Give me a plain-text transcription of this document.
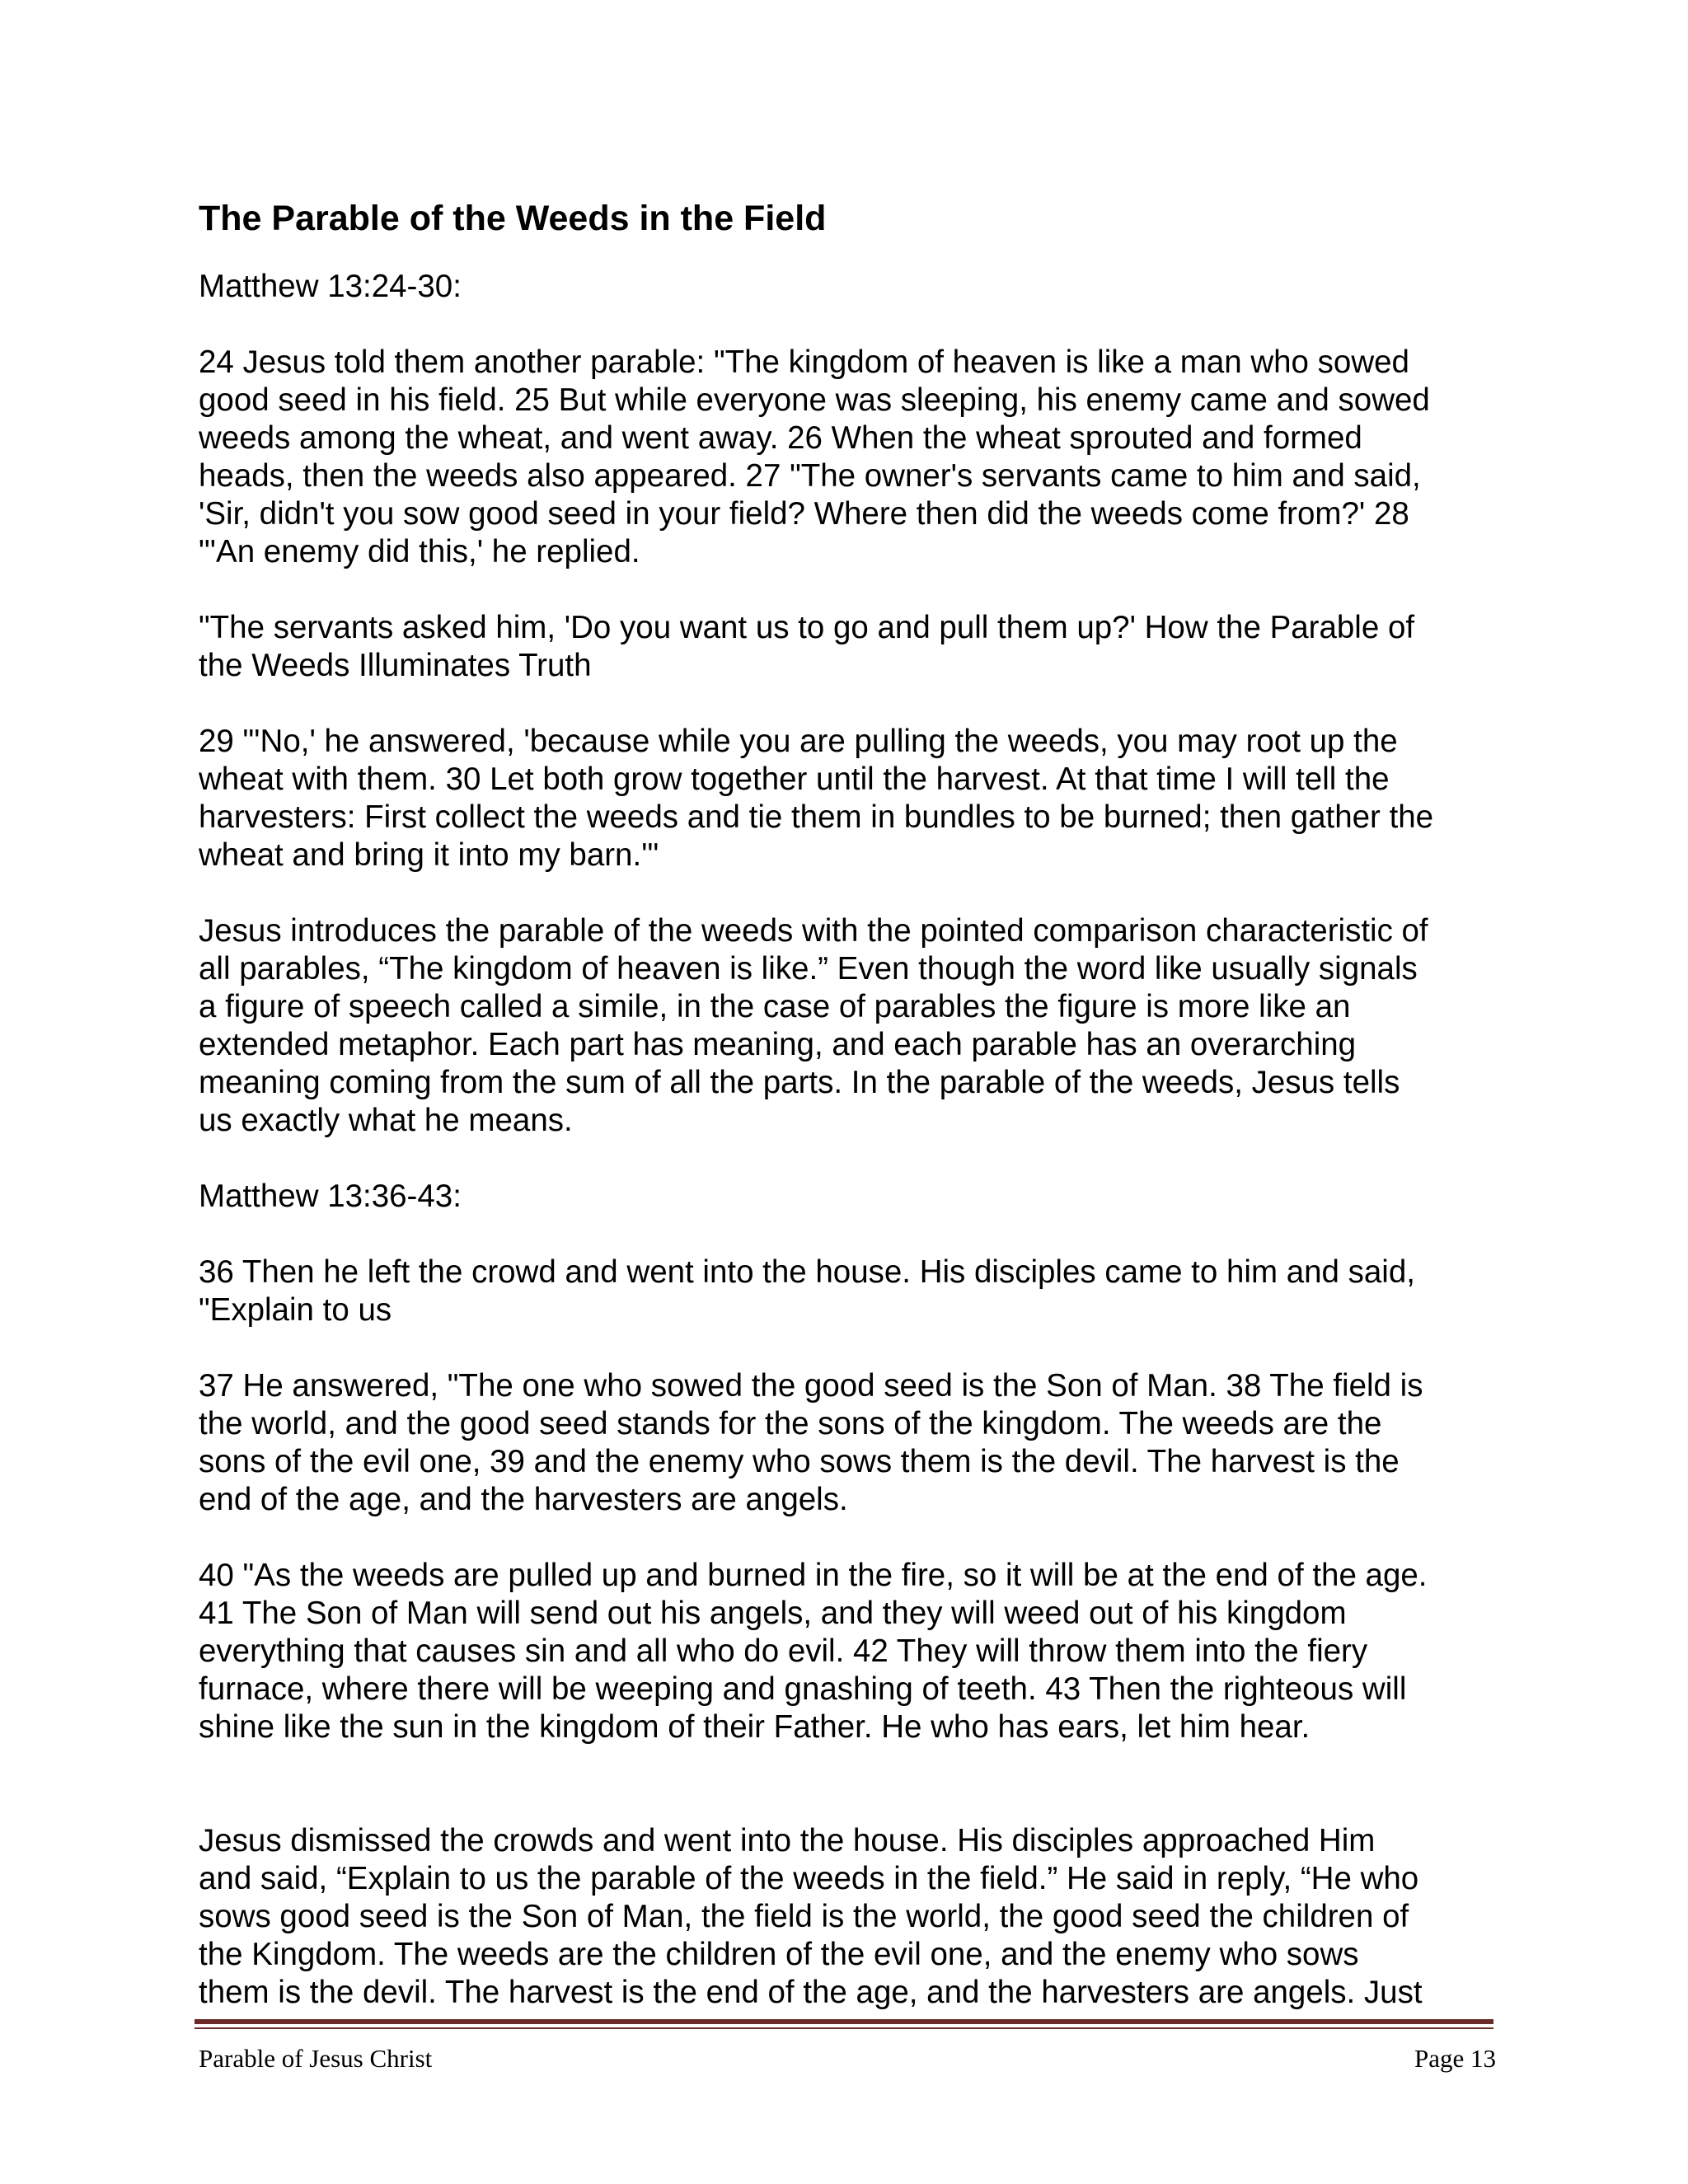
The Parable of the Weeds in the Field

Matthew 13:24-30:

24 Jesus told them another parable: "The kingdom of heaven is like a man who sowed
good seed in his field. 25 But while everyone was sleeping, his enemy came and sowed
weeds among the wheat, and went away. 26 When the wheat sprouted and formed
heads, then the weeds also appeared. 27 "The owner's servants came to him and said,
'Sir, didn't you sow good seed in your field? Where then did the weeds come from?' 28
"'An enemy did this,' he replied.

"The servants asked him, 'Do you want us to go and pull them up?' How the Parable of
the Weeds Illuminates Truth

29 "'No,' he answered, 'because while you are pulling the weeds, you may root up the
wheat with them. 30 Let both grow together until the harvest. At that time I will tell the
harvesters: First collect the weeds and tie them in bundles to be burned; then gather the
wheat and bring it into my barn.'"

Jesus introduces the parable of the weeds with the pointed comparison characteristic of
all parables, “The kingdom of heaven is like.” Even though the word like usually signals
a figure of speech called a simile, in the case of parables the figure is more like an
extended metaphor. Each part has meaning, and each parable has an overarching
meaning coming from the sum of all the parts. In the parable of the weeds, Jesus tells
us exactly what he means.

Matthew 13:36-43:

36 Then he left the crowd and went into the house. His disciples came to him and said,
"Explain to us

37 He answered, "The one who sowed the good seed is the Son of Man. 38 The field is
the world, and the good seed stands for the sons of the kingdom. The weeds are the
sons of the evil one, 39 and the enemy who sows them is the devil. The harvest is the
end of the age, and the harvesters are angels.

40 "As the weeds are pulled up and burned in the fire, so it will be at the end of the age.
41 The Son of Man will send out his angels, and they will weed out of his kingdom
everything that causes sin and all who do evil. 42 They will throw them into the fiery
furnace, where there will be weeping and gnashing of teeth. 43 Then the righteous will
shine like the sun in the kingdom of their Father. He who has ears, let him hear.

Jesus dismissed the crowds and went into the house. His disciples approached Him
and said, “Explain to us the parable of the weeds in the field.” He said in reply, “He who
sows good seed is the Son of Man, the field is the world, the good seed the children of
the Kingdom. The weeds are the children of the evil one, and the enemy who sows
them is the devil. The harvest is the end of the age, and the harvesters are angels. Just

Parable of Jesus Christ	Page 13
